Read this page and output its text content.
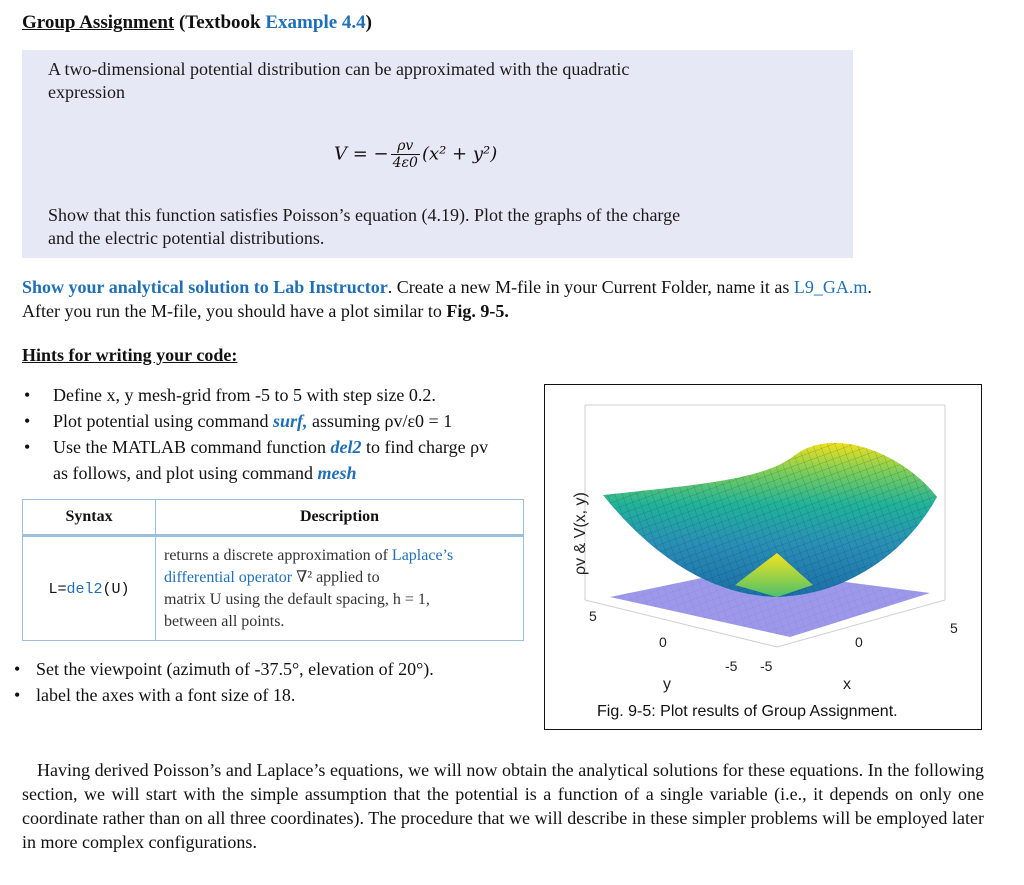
Group Assignment (Textbook Example 4.4)
A two-dimensional potential distribution can be approximated with the quadratic
expression
V = − $\frac{\rho v}{4\varepsilon 0} (x^2 + y^2)$
Show that this function satisfies Poisson’s equation (4.19). Plot the graphs of the charge
and the electric potential distributions.
Show your analytical solution to Lab Instructor. Create a new M-file in your Current Folder, name it as L9_GA.m.
After you run the M-file, you should have a plot similar to Fig. 9-5.
Hints for writing your code:
• Define x, y mesh-grid from -5 to 5 with step size 0.2.
• Plot potential using command surf, assuming ρv/ε0 = 1
• Use the MATLAB command function del2 to find charge ρv
as follows, and plot using command mesh
Syntax	Description
L=del2(U)	returns a discrete approximation of Laplace’s
differential operator ∇² applied to
matrix U using the default spacing, h = 1,
between all points.
• Set the viewpoint (azimuth of -37.5°, elevation of 20°).
• label the axes with a font size of 18.
5
0
-5 -5
0
5
y	x
ρv & V(x, y)
Fig. 9-5: Plot results of Group Assignment.
Having derived Poisson’s and Laplace’s equations, we will now obtain the analytical solutions for these equations. In the following section, we will start with the simple assumption that the potential is a function of a single variable (i.e., it depends on only one coordinate rather than on all three coordinates). The procedure that we will describe in these simpler problems will be employed later in more complex configurations.
